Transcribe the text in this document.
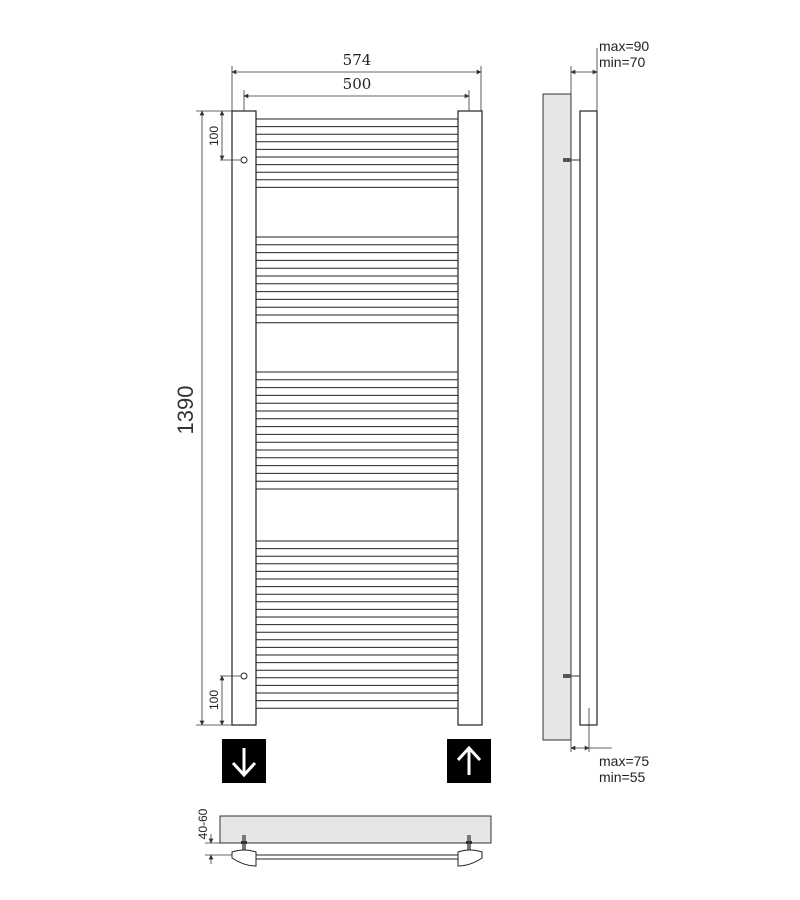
574
500
1390
100
100
max=90
min=70
max=75
min=55
40-60
